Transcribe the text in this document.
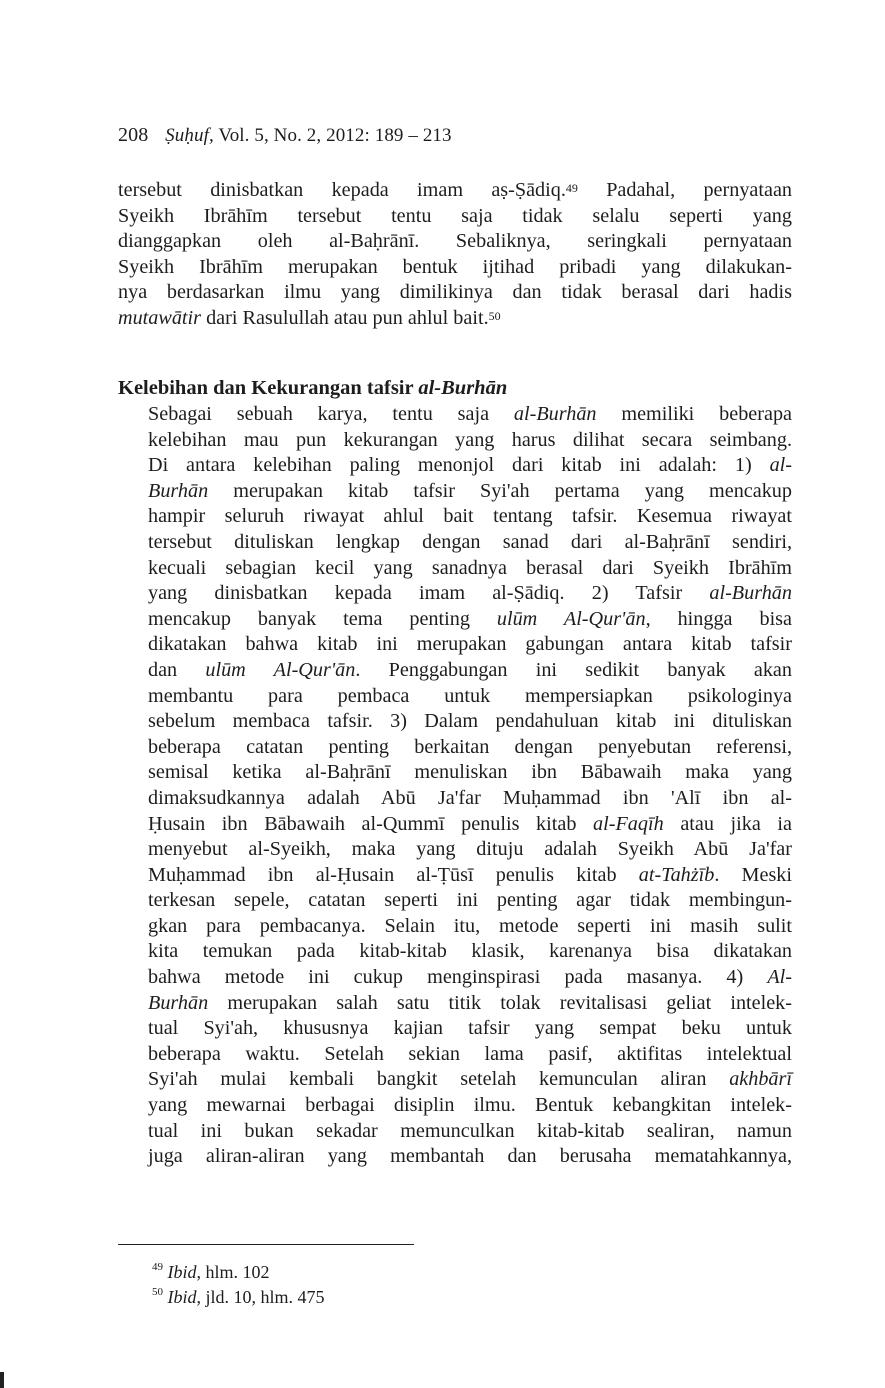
208 Ṣuḥuf, Vol. 5, No. 2, 2012: 189 – 213
tersebut dinisbatkan kepada imam aṣ-Ṣādiq.$^{49}$ Padahal, pernyataan
Syeikh Ibrāhīm tersebut tentu saja tidak selalu seperti yang
dianggapkan oleh al-Baḥrānī. Sebaliknya, seringkali pernyataan
Syeikh Ibrāhīm merupakan bentuk ijtihad pribadi yang dilakukan-
nya berdasarkan ilmu yang dimilikinya dan tidak berasal dari hadis
mutawātir dari Rasulullah atau pun ahlul bait.$^{50}$
Kelebihan dan Kekurangan tafsir al-Burhān
Sebagai sebuah karya, tentu saja al-Burhān memiliki beberapa
kelebihan mau pun kekurangan yang harus dilihat secara seimbang.
Di antara kelebihan paling menonjol dari kitab ini adalah: 1) al-
Burhān merupakan kitab tafsir Syi'ah pertama yang mencakup
hampir seluruh riwayat ahlul bait tentang tafsir. Kesemua riwayat
tersebut dituliskan lengkap dengan sanad dari al-Baḥrānī sendiri,
kecuali sebagian kecil yang sanadnya berasal dari Syeikh Ibrāhīm
yang dinisbatkan kepada imam al-Ṣādiq. 2) Tafsir al-Burhān
mencakup banyak tema penting ulūm Al-Qur'ān, hingga bisa
dikatakan bahwa kitab ini merupakan gabungan antara kitab tafsir
dan ulūm Al-Qur'ān. Penggabungan ini sedikit banyak akan
membantu para pembaca untuk mempersiapkan psikologinya
sebelum membaca tafsir. 3) Dalam pendahuluan kitab ini dituliskan
beberapa catatan penting berkaitan dengan penyebutan referensi,
semisal ketika al-Baḥrānī menuliskan ibn Bābawaih maka yang
dimaksudkannya adalah Abū Ja'far Muḥammad ibn 'Alī ibn al-
Ḥusain ibn Bābawaih al-Qummī penulis kitab al-Faqīh atau jika ia
menyebut al-Syeikh, maka yang dituju adalah Syeikh Abū Ja'far
Muḥammad ibn al-Ḥusain al-Ṭūsī penulis kitab at-Tahżīb. Meski
terkesan sepele, catatan seperti ini penting agar tidak membingun-
gkan para pembacanya. Selain itu, metode seperti ini masih sulit
kita temukan pada kitab-kitab klasik, karenanya bisa dikatakan
bahwa metode ini cukup menginspirasi pada masanya. 4) Al-
Burhān merupakan salah satu titik tolak revitalisasi geliat intelek-
tual Syi'ah, khususnya kajian tafsir yang sempat beku untuk
beberapa waktu. Setelah sekian lama pasif, aktifitas intelektual
Syi'ah mulai kembali bangkit setelah kemunculan aliran akhbārī
yang mewarnai berbagai disiplin ilmu. Bentuk kebangkitan intelek-
tual ini bukan sekadar memunculkan kitab-kitab sealiran, namun
juga aliran-aliran yang membantah dan berusaha mematahkannya,
$^{49}$ Ibid, hlm. 102
$^{50}$ Ibid, jld. 10, hlm. 475
